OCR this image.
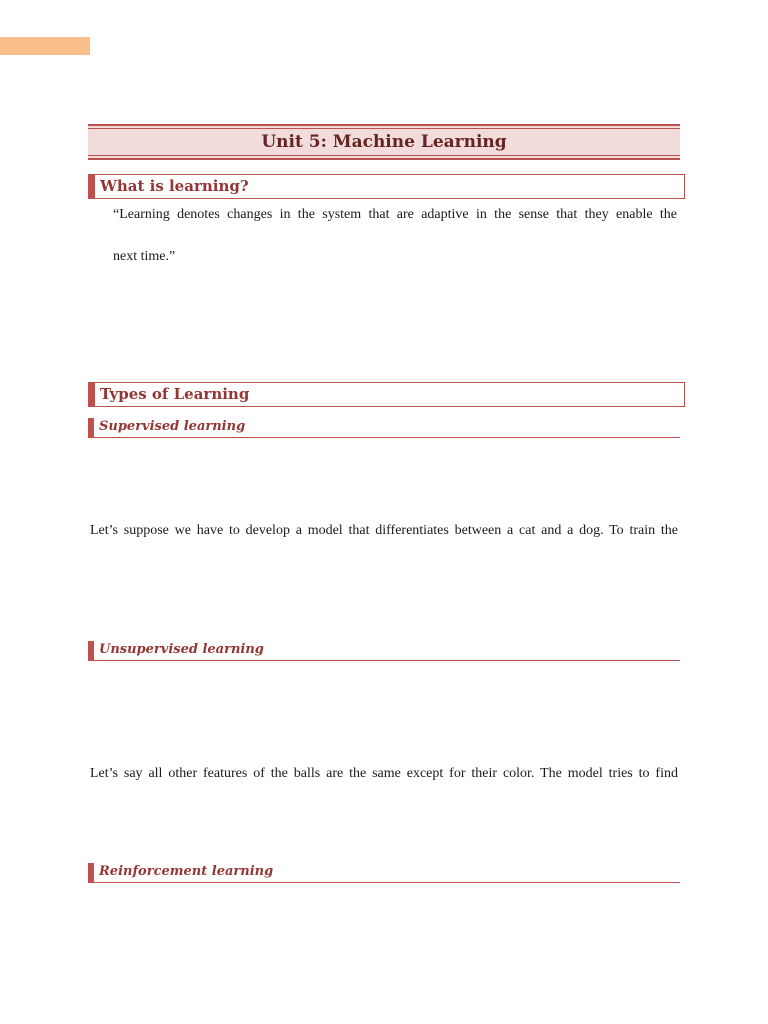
Unit 5: Machine Learning
What is learning?
“Learning denotes changes in the system that are adaptive in the sense that they enable the
next time.”
Types of Learning
Supervised learning
Let’s suppose we have to develop a model that differentiates between a cat and a dog. To train the
Unsupervised learning
Let’s say all other features of the balls are the same except for their color. The model tries to find
Reinforcement learning
